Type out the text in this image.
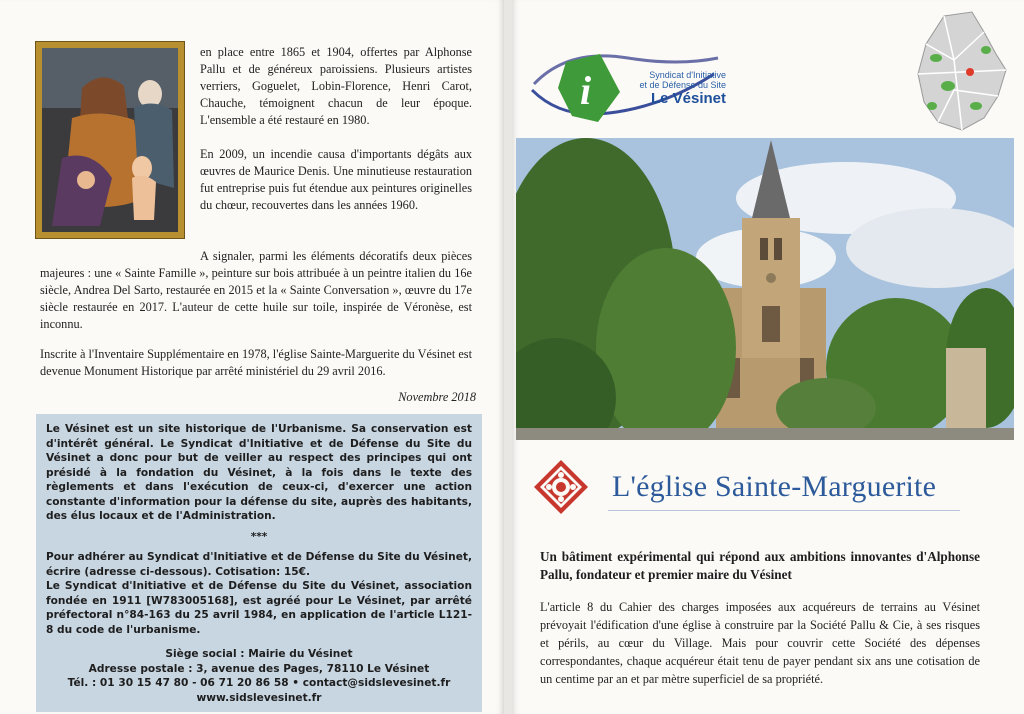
en place entre 1865 et 1904, offertes par Alphonse Pallu et de généreux paroissiens. Plusieurs artistes verriers, Goguelet, Lobin-Florence, Henri Carot, Chauche, témoignent chacun de leur époque. L'ensemble a été restauré en 1980.

En 2009, un incendie causa d'importants dégâts aux œuvres de Maurice Denis. Une minutieuse restauration fut entreprise puis fut étendue aux peintures originelles du chœur, recouvertes dans les années 1960.

A signaler, parmi les éléments décoratifs deux pièces majeures : une « Sainte Famille », peinture sur bois attribuée à un peintre italien du 16e siècle, Andrea Del Sarto, restaurée en 2015 et la « Sainte Conversation », œuvre du 17e siècle restaurée en 2017. L'auteur de cette huile sur toile, inspirée de Véronèse, est inconnu.

Inscrite à l'Inventaire Supplémentaire en 1978, l'église Sainte-Marguerite du Vésinet est devenue Monument Historique par arrêté ministériel du 29 avril 2016.

Novembre 2018

Le Vésinet est un site historique de l'Urbanisme. Sa conservation est d'intérêt général. Le Syndicat d'Initiative et de Défense du Site du Vésinet a donc pour but de veiller au respect des principes qui ont présidé à la fondation du Vésinet, à la fois dans le texte des règlements et dans l'exécution de ceux-ci, d'exercer une action constante d'information pour la défense du site, auprès des habitants, des élus locaux et de l'Administration.

***

Pour adhérer au Syndicat d'Initiative et de Défense du Site du Vésinet, écrire (adresse ci-dessous). Cotisation: 15€.

Le Syndicat d'Initiative et de Défense du Site du Vésinet, association fondée en 1911 [W783005168], est agréé pour Le Vésinet, par arrêté préfectoral n°84-163 du 25 avril 1984, en application de l'article L121-8 du code de l'urbanisme.

Siège social : Mairie du Vésinet

Adresse postale : 3, avenue des Pages, 78110 Le Vésinet

Tél. : 01 30 15 47 80 - 06 71 20 86 58 • contact@sidslevesinet.fr

www.sidslevesinet.fr

i	Syndicat d'Initiative
et de Défense du Site
Le Vésinet
L'église Sainte-Marguerite

Un bâtiment expérimental qui répond aux ambitions innovantes d'Alphonse Pallu, fondateur et premier maire du Vésinet

L'article 8 du Cahier des charges imposées aux acquéreurs de terrains au Vésinet prévoyait l'édification d'une église à construire par la Société Pallu & Cie, à ses risques et périls, au cœur du Village. Mais pour couvrir cette Société des dépenses correspondantes, chaque acquéreur était tenu de payer pendant six ans une cotisation de un centime par an et par mètre superficiel de sa propriété.
